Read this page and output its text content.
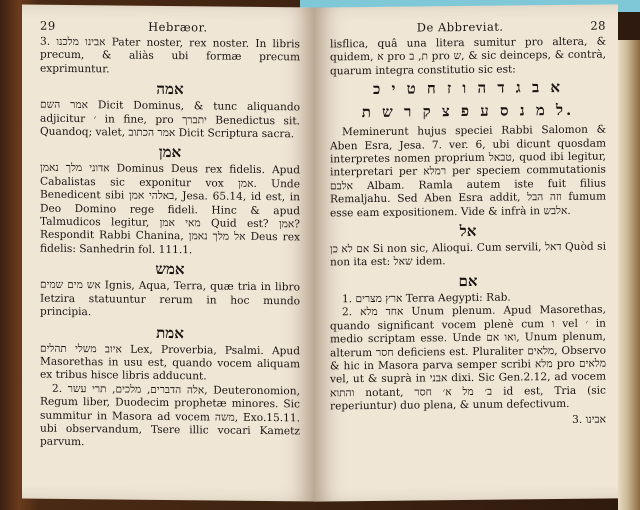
29	Hebræor.

3. אבינו מלכנו Pater noster, rex noster. In libris precum, & aliàs ubi formæ precum exprimuntur.

אמה

אמר השם Dicit Dominus, & tunc aliquando adjicitur ׳ in fine, pro יתברך Benedictus sit. Quandoq; valet, אמר הכתוב Dicit Scriptura sacra.

אמן

אדוני מלך נאמן Dominus Deus rex fidelis. Apud Cabalistas sic exponitur vox אמן. Unde Benedicent sibi באלהי אמן, Jesa. 65.14, id est, in Deo Domino rege fideli. Hinc & apud Talmudicos legitur, מאי אמן Quid est? אמן? Respondit Rabbi Chanina, אל מלך נאמן Deus rex fidelis: Sanhedrin fol. 111.1.

אמש

אש מים שמים Ignis, Aqua, Terra, quæ tria in libro Ietzira statuuntur rerum in hoc mundo principia.

אמת

איוב משלי תהלים Lex, Proverbia, Psalmi. Apud Masorethas in usu est, quando vocem aliquam ex tribus hisce libris adducunt.

2. אלה הדברים, מלכים, תרי עשר, Deuteronomion, Regum liber, Duodecim prophetæ minores. Sic summitur in Masora ad vocem משה, Exo.15.11. ubi observandum, Tsere illic vocari Kametz parvum.

De Abbreviat.	28

lisflica, quâ una litera sumitur pro altera, & quidem, א pro ת, ב pro ש, & sic deinceps, & contrà, quarum integra constitutio sic est:

א ב ג ד ה ו ז ח ט י כ
ל מ נ ס ע פ צ ק ר ש ת.

Meminerunt hujus speciei Rabbi Salomon & Aben Esra, Jesa. 7. ver. 6, ubi dicunt quosdam interpretes nomen proprium טבאל, quod ibi legitur, interpretari per רמלא per speciem commutationis אלבם Albam. Ramla autem iste fuit filius Remaljahu. Sed Aben Esra addit, וזה הבל fumum esse eam expositionem. Vide & infrà in אלבש.

אל

אם לא כן Si non sic, Alioqui. Cum servili, דאל Quòd si non ita est: שאל idem.

אם

1. ארץ מצרים Terra Aegypti: Rab.

2. אחד מלא Unum plenum. Apud Masorethas, quando significant vocem plenè cum ו vel ׳ in medio scriptam esse. Unde ואו אם, Unum plenum, alterum חסר deficiens est. Pluraliter מלאים, Observo & hic in Masora parva semper scribi מלא pro מלאים vel, ut & suprà in אבני dixi. Sic Gen.2.12, ad vocem והתוא notant, ב׳ מל א׳ חסר id est, Tria (sic reperiuntur) duo plena, & unum defectivum.

3. אבינו
